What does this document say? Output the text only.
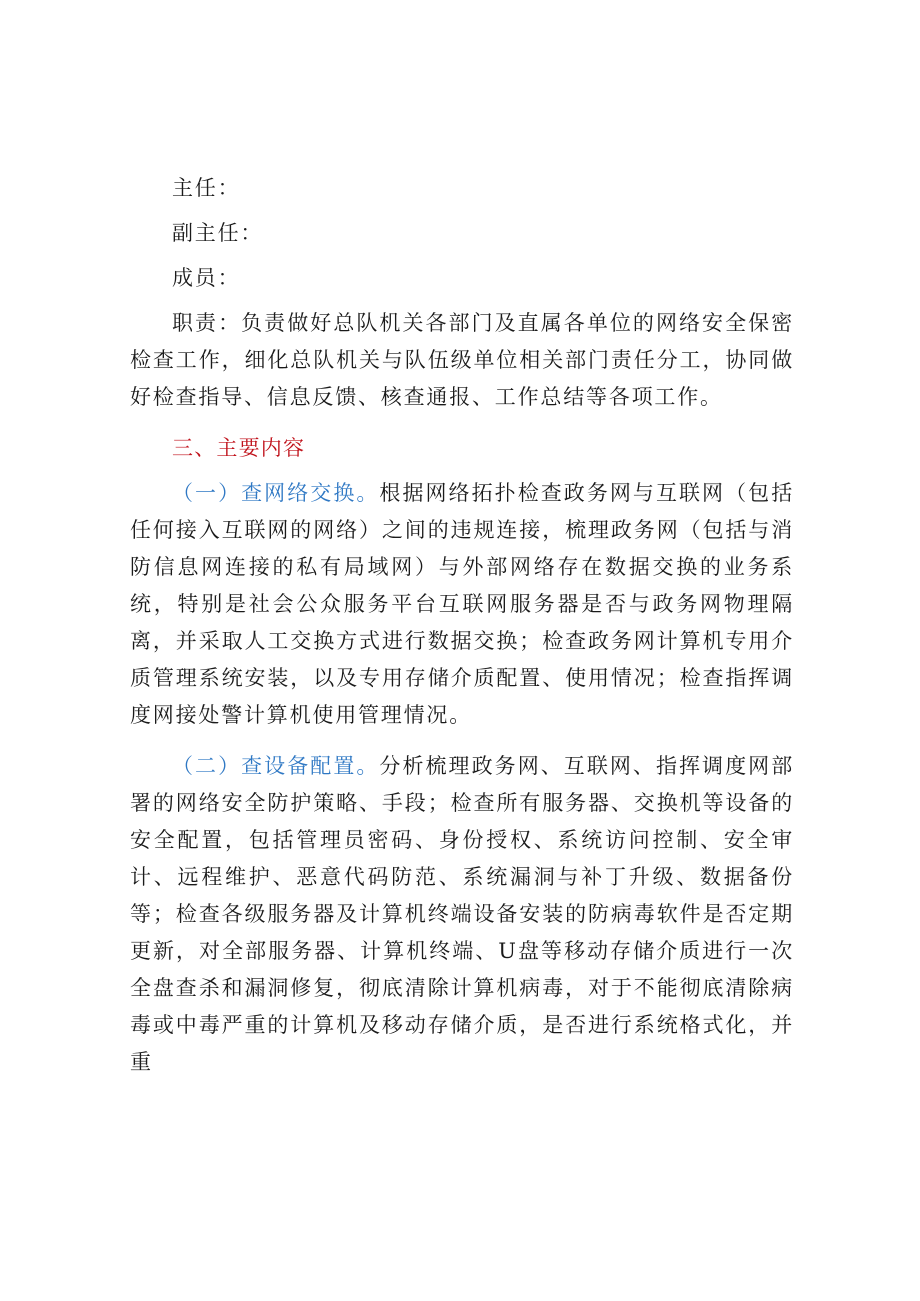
主任：

副主任：

成员：

职责：负责做好总队机关各部门及直属各单位的网络安全保密检查工作，细化总队机关与队伍级单位相关部门责任分工，协同做好检查指导、信息反馈、核查通报、工作总结等各项工作。

三、主要内容

（一）查网络交换。根据网络拓扑检查政务网与互联网（包括任何接入互联网的网络）之间的违规连接，梳理政务网（包括与消防信息网连接的私有局域网）与外部网络存在数据交换的业务系统，特别是社会公众服务平台互联网服务器是否与政务网物理隔离，并采取人工交换方式进行数据交换；检查政务网计算机专用介质管理系统安装，以及专用存储介质配置、使用情况；检查指挥调度网接处警计算机使用管理情况。

（二）查设备配置。分析梳理政务网、互联网、指挥调度网部署的网络安全防护策略、手段；检查所有服务器、交换机等设备的安全配置，包括管理员密码、身份授权、系统访问控制、安全审计、远程维护、恶意代码防范、系统漏洞与补丁升级、数据备份等；检查各级服务器及计算机终端设备安装的防病毒软件是否定期更新，对全部服务器、计算机终端、U盘等移动存储介质进行一次全盘查杀和漏洞修复，彻底清除计算机病毒，对于不能彻底清除病毒或中毒严重的计算机及移动存储介质，是否进行系统格式化，并重
